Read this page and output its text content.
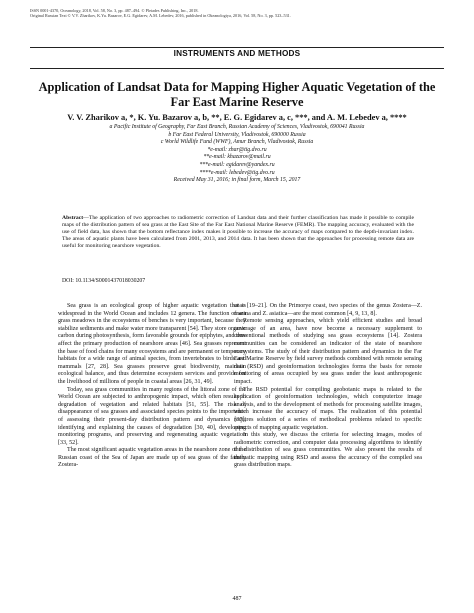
ISSN 0001-4370, Oceanology, 2018, Vol. 58, No. 3, pp. 487–494. © Pleiades Publishing, Inc., 2018.
Original Russian Text © V.V. Zharikov, K.Yu. Bazarov, E.G. Egidarev, A.M. Lebedev, 2016, published in Okeanologiya, 2016, Vol. 58, No. 3, pp. 523–531.
INSTRUMENTS AND METHODS
Application of Landsat Data for Mapping Higher Aquatic Vegetation of the Far East Marine Reserve
V. V. Zharikov a, *, K. Yu. Bazarov a, b, **, E. G. Egidarev a, c, ***, and A. M. Lebedev a, ****
a Pacific Institute of Geography, Far East Branch, Russian Academy of Sciences, Vladivostok, 690041 Russia
b Far East Federal University, Vladivostok, 690000 Russia
c World Wildlife Fund (WWF), Amur Branch, Vladivostok, Russia
*e-mail: zhar@tig.dvo.ru
**e-mail: khazarov@mail.ru
***e-mail: egidarev@yandex.ru
****e-mail: lebedev@tig.dvo.ru
Received May 31, 2016; in final form, March 15, 2017
Abstract—The application of two approaches to radiometric correction of Landsat data and their further classification has made it possible to compile maps of the distribution pattern of sea grass at the East Site of the Far East National Marine Reserve (FEMR). The mapping accuracy, evaluated with the use of field data, has shown that the bottom reflectance index makes it possible to increase the accuracy of maps compared to the depth-invariant index. The areas of aquatic plants have been calculated from 2001, 2013, and 2014 data. It has been shown that the approaches for processing remote data are useful for monitoring nearshore vegetation.
DOI: 10.1134/S0001437018030207

Sea grass is an ecological group of higher aquatic vegetation that is widespread in the World Ocean and includes 12 genera. The function of sea grass meadows in the ecosystems of benches is very important, because they stabilize sediments and make water more transparent [54]. They store organic carbon during photosynthesis, form favorable grounds for epiphytes, and thus affect the primary production of nearshore areas [46]. Sea grasses represent the base of food chains for many ecosystems and are permanent or temporary habitats for a wide range of animal species, from invertebrates to birds and mammals [27, 28]. Sea grasses preserve great biodiversity, maintain ecological balance, and thus determine ecosystem services and provide for the livelihood of millions of people in coastal areas [26, 31, 49].

Today, sea grass communities in many regions of the littoral zone of the World Ocean are subjected to anthropogenic impact, which often results in degradation of vegetation and related habitats [51, 55]. The risk of disappearance of sea grasses and associated species points to the importance of assessing their present-day distribution pattern and dynamics [37], identifying and explaining the causes of degradation [30, 40], developing monitoring programs, and preserving and regenerating aquatic vegetation [33, 52].

The most significant aquatic vegetation areas in the nearshore zone of the Russian coast of the Sea of Japan are made up of sea grass of the family Zostera-

ceae [19–21]. On the Primorye coast, two species of the genus Zostera—Z. marina and Z. asiatica—are the most common [4, 9, 13, 8].

Remote sensing approaches, which yield efficient studies and broad coverage of an area, have now become a necessary supplement to conventional methods of studying sea grass ecosystems [14]. Zostera communities can be considered an indicator of the state of nearshore ecosystems. The study of their distribution pattern and dynamics in the Far East Marine Reserve by field survey methods combined with remote sensing data (RSD) and geoinformation technologies forms the basis for remote monitoring of areas occupied by sea grass under the least anthropogenic impact.

The RSD potential for compiling geobotanic maps is related to the application of geoinformation technologies, which computerize image analysis, and to the development of methods for processing satellite images, which increase the accuracy of maps. The realization of this potential requires solution of a series of methodical problems related to specific aspects of mapping aquatic vegetation.

In this study, we discuss the criteria for selecting images, modes of radiometric correction, and computer data processing algorithms to identify the distribution of sea grass communities. We also present the results of thematic mapping using RSD and assess the accuracy of the compiled sea grass distribution maps.

487
